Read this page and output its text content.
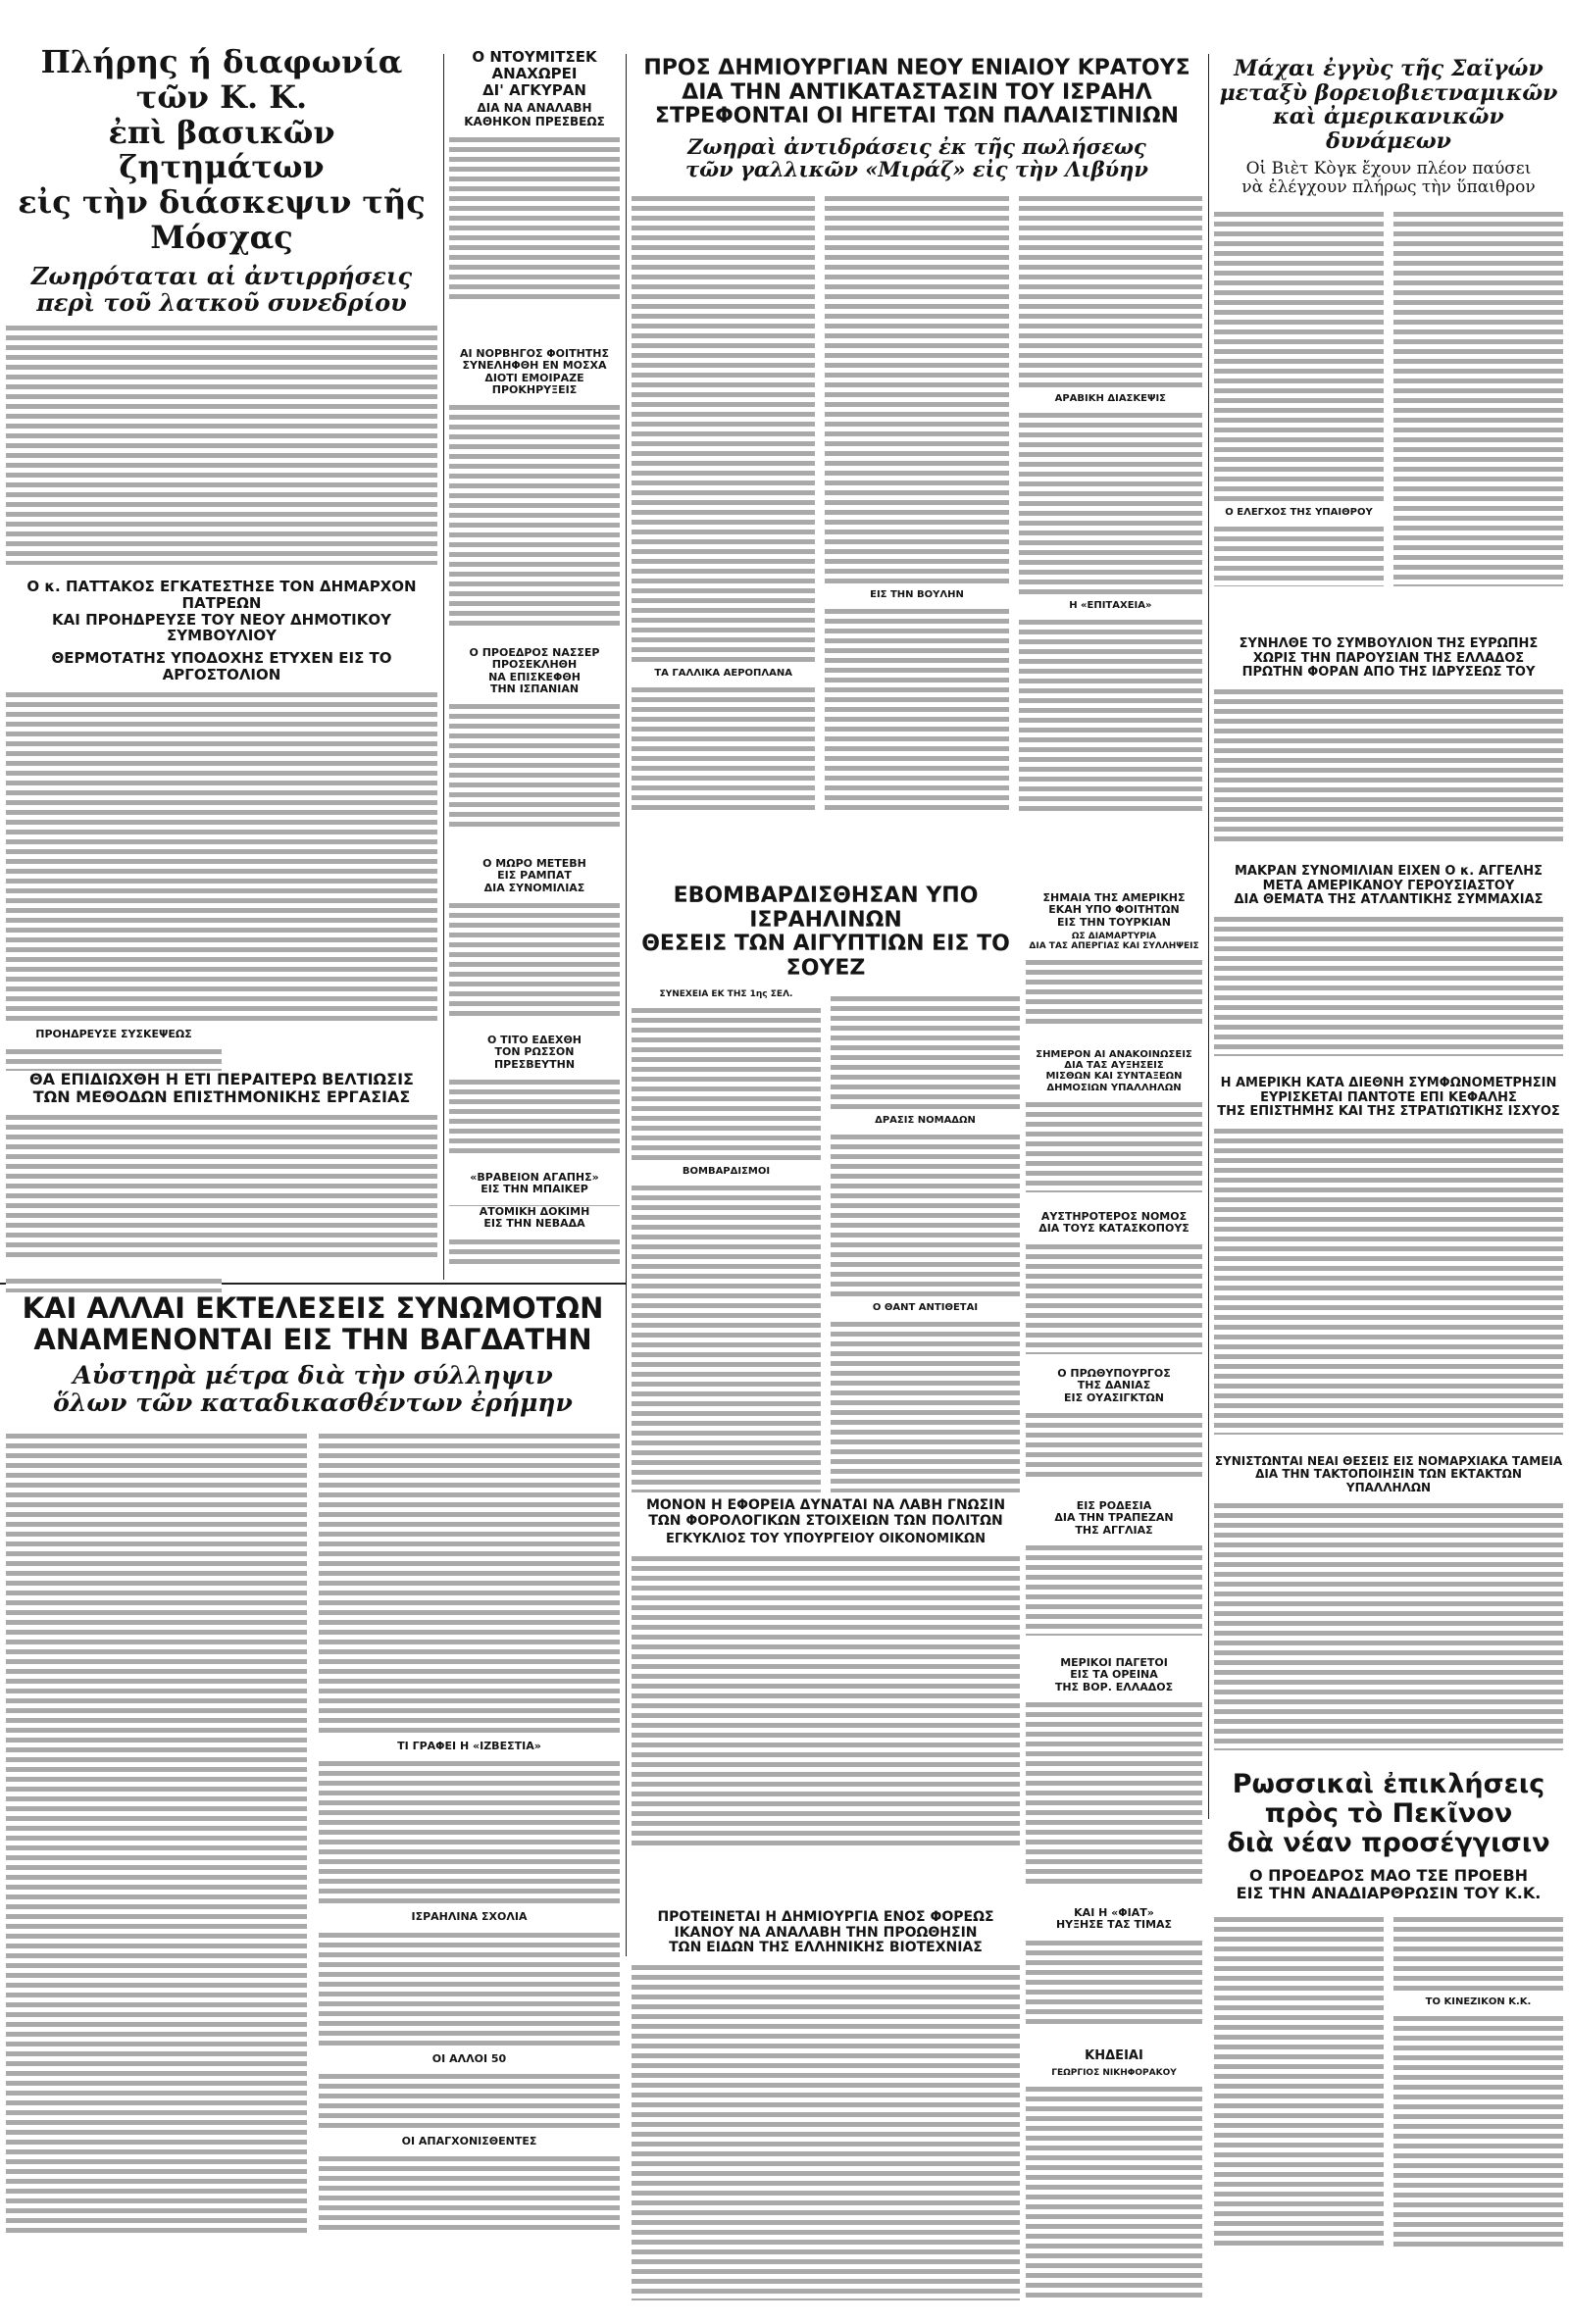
Πλήρης ή διαφωνία τῶν Κ. Κ.
ἐπὶ βασικῶν ζητημάτων
εἰς τὴν διάσκεψιν τῆς Μόσχας
Ζωηρόταται αἱ ἀντιρρήσεις
περὶ τοῦ λατκοῦ συνεδρίου
Ο κ. ΠΑΤΤΑΚΟΣ ΕΓΚΑΤΕΣΤΗΣΕ ΤΟΝ ΔΗΜΑΡΧΟΝ ΠΑΤΡΕΩΝ
ΚΑΙ ΠΡΟΗΔΡΕΥΣΕ ΤΟΥ ΝΕΟΥ ΔΗΜΟΤΙΚΟΥ ΣΥΜΒΟΥΛΙΟΥ
ΘΕΡΜΟΤΑΤΗΣ ΥΠΟΔΟΧΗΣ ΕΤΥΧΕΝ ΕΙΣ ΤΟ ΑΡΓΟΣΤΟΛΙΟΝ
ΠΡΟΗΔΡΕΥΣΕ ΣΥΣΚΕΨΕΩΣ
ΘΑ ΕΠΙΔΙΩΧΘΗ Η ΕΤΙ ΠΕΡΑΙΤΕΡΩ ΒΕΛΤΙΩΣΙΣ
ΤΩΝ ΜΕΘΟΔΩΝ ΕΠΙΣΤΗΜΟΝΙΚΗΣ ΕΡΓΑΣΙΑΣ
Ο ΝΤΟΥΜΙΤΣΕΚ
ΑΝΑΧΩΡΕΙ
ΔΙ' ΑΓΚΥΡΑΝ
ΔΙΑ ΝΑ ΑΝΑΛΑΒΗ
ΚΑΘΗΚΟΝ ΠΡΕΣΒΕΩΣ
ΑΙ ΝΟΡΒΗΓΟΣ ΦΟΙΤΗΤΗΣ
ΣΥΝΕΛΗΦΘΗ ΕΝ ΜΟΣΧΑ
ΔΙΟΤΙ ΕΜΟΙΡΑΖΕ
ΠΡΟΚΗΡΥΞΕΙΣ
Ο ΠΡΟΕΔΡΟΣ ΝΑΣΣΕΡ
ΠΡΟΣΕΚΛΗΘΗ
ΝΑ ΕΠΙΣΚΕΦΘΗ
ΤΗΝ ΙΣΠΑΝΙΑΝ
Ο ΜΩΡΟ ΜΕΤΕΒΗ
ΕΙΣ ΡΑΜΠΑΤ
ΔΙΑ ΣΥΝΟΜΙΛΙΑΣ
Ο ΤΙΤΟ ΕΔΕΧΘΗ
ΤΟΝ ΡΩΣΣΟΝ
ΠΡΕΣΒΕΥΤΗΝ
«ΒΡΑΒΕΙΟΝ ΑΓΑΠΗΣ»
ΕΙΣ ΤΗΝ ΜΠΑΙΚΕΡ
ΑΤΟΜΙΚΗ ΔΟΚΙΜΗ
ΕΙΣ ΤΗΝ ΝΕΒΑΔΑ
ΚΑΙ ΑΛΛΑΙ ΕΚΤΕΛΕΣΕΙΣ ΣΥΝΩΜΟΤΩΝ
ΑΝΑΜΕΝΟΝΤΑΙ ΕΙΣ ΤΗΝ ΒΑΓΔΑΤΗΝ
Αὐστηρὰ μέτρα διὰ τὴν σύλληψιν
ὅλων τῶν καταδικασθέντων ἐρήμην
ΤΙ ΓΡΑΦΕΙ Η «ΙΖΒΕΣΤΙΑ»
ΙΣΡΑΗΛΙΝΑ ΣΧΟΛΙΑ
ΟΙ ΑΛΛΟΙ 50
ΟΙ ΑΠΑΓΧΟΝΙΣΘΕΝΤΕΣ
ΠΡΟΣ ΔΗΜΙΟΥΡΓΙΑΝ ΝΕΟΥ ΕΝΙΑΙΟΥ ΚΡΑΤΟΥΣ
ΔΙΑ ΤΗΝ ΑΝΤΙΚΑΤΑΣΤΑΣΙΝ ΤΟΥ ΙΣΡΑΗΛ
ΣΤΡΕΦΟΝΤΑΙ ΟΙ ΗΓΕΤΑΙ ΤΩΝ ΠΑΛΑΙΣΤΙΝΙΩΝ
Ζωηραὶ ἀντιδράσεις ἐκ τῆς πωλήσεως
τῶν γαλλικῶν «Μιράζ» εἰς τὴν Λιβύην
ΤΑ ΓΑΛΛΙΚΑ ΑΕΡΟΠΛΑΝΑ
ΕΙΣ ΤΗΝ ΒΟΥΛΗΝ
ΑΡΑΒΙΚΗ ΔΙΑΣΚΕΨΙΣ
Η «ΕΠΙΤΑΧΕΙΑ»
ΕΒΟΜΒΑΡΔΙΣΘΗΣΑΝ ΥΠΟ ΙΣΡΑΗΛΙΝΩΝ
ΘΕΣΕΙΣ ΤΩΝ ΑΙΓΥΠΤΙΩΝ ΕΙΣ ΤΟ ΣΟΥΕΖ
ΣΥΝΕΧΕΙΑ ΕΚ ΤΗΣ 1ης ΣΕΛ.
ΒΟΜΒΑΡΔΙΣΜΟΙ
ΔΡΑΣΙΣ ΝΟΜΑΔΩΝ
Ο ΘΑΝΤ ΑΝΤΙΘΕΤΑΙ
ΣΗΜΑΙΑ ΤΗΣ ΑΜΕΡΙΚΗΣ
ΕΚΑΗ ΥΠΟ ΦΟΙΤΗΤΩΝ
ΕΙΣ ΤΗΝ ΤΟΥΡΚΙΑΝ
ΩΣ ΔΙΑΜΑΡΤΥΡΙΑ
ΔΙΑ ΤΑΣ ΑΠΕΡΓΙΑΣ ΚΑΙ ΣΥΛΛΗΨΕΙΣ
ΣΗΜΕΡΟΝ ΑΙ ΑΝΑΚΟΙΝΩΣΕΙΣ
ΔΙΑ ΤΑΣ ΑΥΞΗΣΕΙΣ
ΜΙΣΘΩΝ ΚΑΙ ΣΥΝΤΑΞΕΩΝ
ΔΗΜΟΣΙΩΝ ΥΠΑΛΛΗΛΩΝ
ΑΥΣΤΗΡΟΤΕΡΟΣ ΝΟΜΟΣ
ΔΙΑ ΤΟΥΣ ΚΑΤΑΣΚΟΠΟΥΣ
Ο ΠΡΩΘΥΠΟΥΡΓΟΣ
ΤΗΣ ΔΑΝΙΑΣ
ΕΙΣ ΟΥΑΣΙΓΚΤΩΝ
ΜΟΝΟΝ Η ΕΦΟΡΕΙΑ ΔΥΝΑΤΑΙ ΝΑ ΛΑΒΗ ΓΝΩΣΙΝ
ΤΩΝ ΦΟΡΟΛΟΓΙΚΩΝ ΣΤΟΙΧΕΙΩΝ ΤΩΝ ΠΟΛΙΤΩΝ
ΕΓΚΥΚΛΙΟΣ ΤΟΥ ΥΠΟΥΡΓΕΙΟΥ ΟΙΚΟΝΟΜΙΚΩΝ
ΠΡΟΤΕΙΝΕΤΑΙ Η ΔΗΜΙΟΥΡΓΙΑ ΕΝΟΣ ΦΟΡΕΩΣ
ΙΚΑΝΟΥ ΝΑ ΑΝΑΛΑΒΗ ΤΗΝ ΠΡΟΩΘΗΣΙΝ
ΤΩΝ ΕΙΔΩΝ ΤΗΣ ΕΛΛΗΝΙΚΗΣ ΒΙΟΤΕΧΝΙΑΣ
ΕΙΣ ΡΟΔΕΣΙΑ
ΔΙΑ ΤΗΝ ΤΡΑΠΕΖΑΝ
ΤΗΣ ΑΓΓΛΙΑΣ
ΜΕΡΙΚΟΙ ΠΑΓΕΤΟΙ
ΕΙΣ ΤΑ ΟΡΕΙΝΑ
ΤΗΣ ΒΟΡ. ΕΛΛΑΔΟΣ
ΚΑΙ Η «ΦΙΑΤ»
ΗΥΞΗΣΕ ΤΑΣ ΤΙΜΑΣ
ΚΗΔΕΙΑΙ
ΓΕΩΡΓΙΟΣ ΝΙΚΗΦΟΡΑΚΟΥ
Μάχαι ἐγγὺς τῆς Σαϊγών
μεταξὺ βορειοβιετναμικῶν
καὶ ἀμερικανικῶν δυνάμεων
Οἱ Βιὲτ Κὸγκ ἔχουν πλέον παύσει
νὰ ἐλέγχουν πλήρως τὴν ὕπαιθρον
Ο ΕΛΕΓΧΟΣ ΤΗΣ ΥΠΑΙΘΡΟΥ
ΣΥΝΗΛΘΕ ΤΟ ΣΥΜΒΟΥΛΙΟΝ ΤΗΣ ΕΥΡΩΠΗΣ
ΧΩΡΙΣ ΤΗΝ ΠΑΡΟΥΣΙΑΝ ΤΗΣ ΕΛΛΑΔΟΣ
ΠΡΩΤΗΝ ΦΟΡΑΝ ΑΠΟ ΤΗΣ ΙΔΡΥΣΕΩΣ ΤΟΥ
ΜΑΚΡΑΝ ΣΥΝΟΜΙΛΙΑΝ ΕΙΧΕΝ Ο κ. ΑΓΓΕΛΗΣ
ΜΕΤΑ ΑΜΕΡΙΚΑΝΟΥ ΓΕΡΟΥΣΙΑΣΤΟΥ
ΔΙΑ ΘΕΜΑΤΑ ΤΗΣ ΑΤΛΑΝΤΙΚΗΣ ΣΥΜΜΑΧΙΑΣ
Η ΑΜΕΡΙΚΗ ΚΑΤΑ ΔΙΕΘΝΗ ΣΥΜΦΩΝΟΜΕΤΡΗΣΙΝ
ΕΥΡΙΣΚΕΤΑΙ ΠΑΝΤΟΤΕ ΕΠΙ ΚΕΦΑΛΗΣ
ΤΗΣ ΕΠΙΣΤΗΜΗΣ ΚΑΙ ΤΗΣ ΣΤΡΑΤΙΩΤΙΚΗΣ ΙΣΧΥΟΣ
ΣΥΝΙΣΤΩΝΤΑΙ ΝΕΑΙ ΘΕΣΕΙΣ ΕΙΣ ΝΟΜΑΡΧΙΑΚΑ ΤΑΜΕΙΑ
ΔΙΑ ΤΗΝ ΤΑΚΤΟΠΟΙΗΣΙΝ ΤΩΝ ΕΚΤΑΚΤΩΝ ΥΠΑΛΛΗΛΩΝ
Ρωσσικαὶ ἐπικλήσεις
πρὸς τὸ Πεκῖνον
διὰ νέαν προσέγγισιν
Ο ΠΡΟΕΔΡΟΣ ΜΑΟ ΤΣΕ ΠΡΟΕΒΗ
ΕΙΣ ΤΗΝ ΑΝΑΔΙΑΡΘΡΩΣΙΝ ΤΟΥ Κ.Κ.
ΤΟ ΚΙΝΕΖΙΚΟΝ Κ.Κ.
